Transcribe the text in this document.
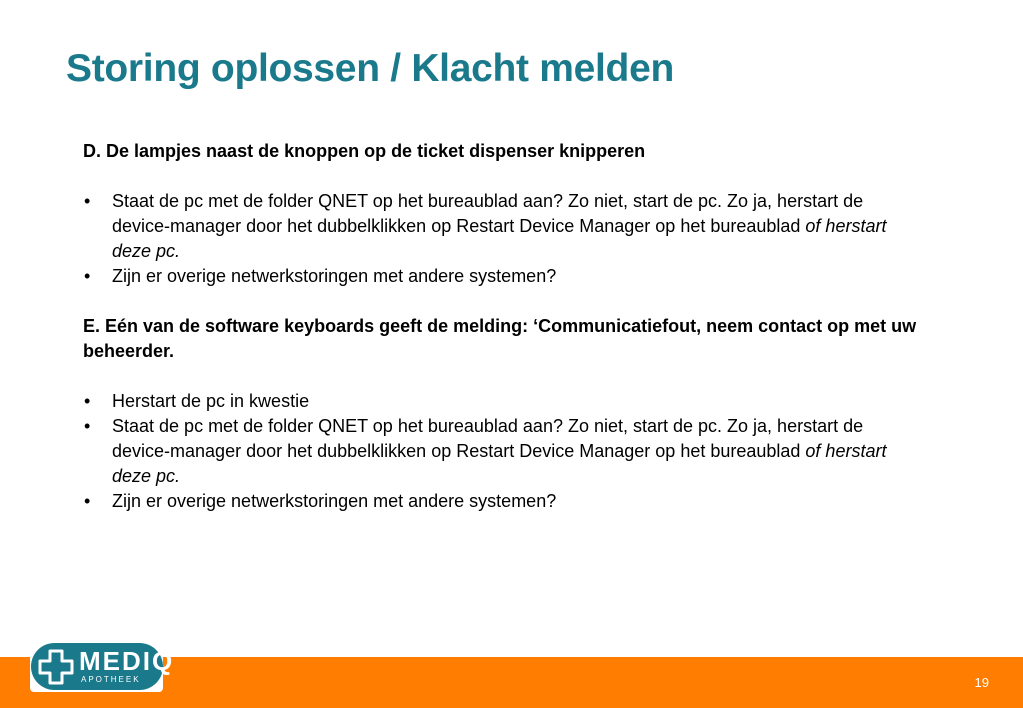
Storing oplossen / Klacht melden

D. De lampjes naast de knoppen op de ticket dispenser knipperen

• Staat de pc met de folder QNET op het bureaublad aan? Zo niet, start de pc. Zo ja, herstart de device-manager door het dubbelklikken op Restart Device Manager op het bureaublad of herstart deze pc.
• Zijn er overige netwerkstoringen met andere systemen?

E. Eén van de software keyboards geeft de melding: ‘Communicatiefout, neem contact op met uw beheerder.

• Herstart de pc in kwestie
• Staat de pc met de folder QNET op het bureaublad aan? Zo niet, start de pc. Zo ja, herstart de device-manager door het dubbelklikken op Restart Device Manager op het bureaublad of herstart deze pc.
• Zijn er overige netwerkstoringen met andere systemen?
19
MEDIQ
APOTHEEK
